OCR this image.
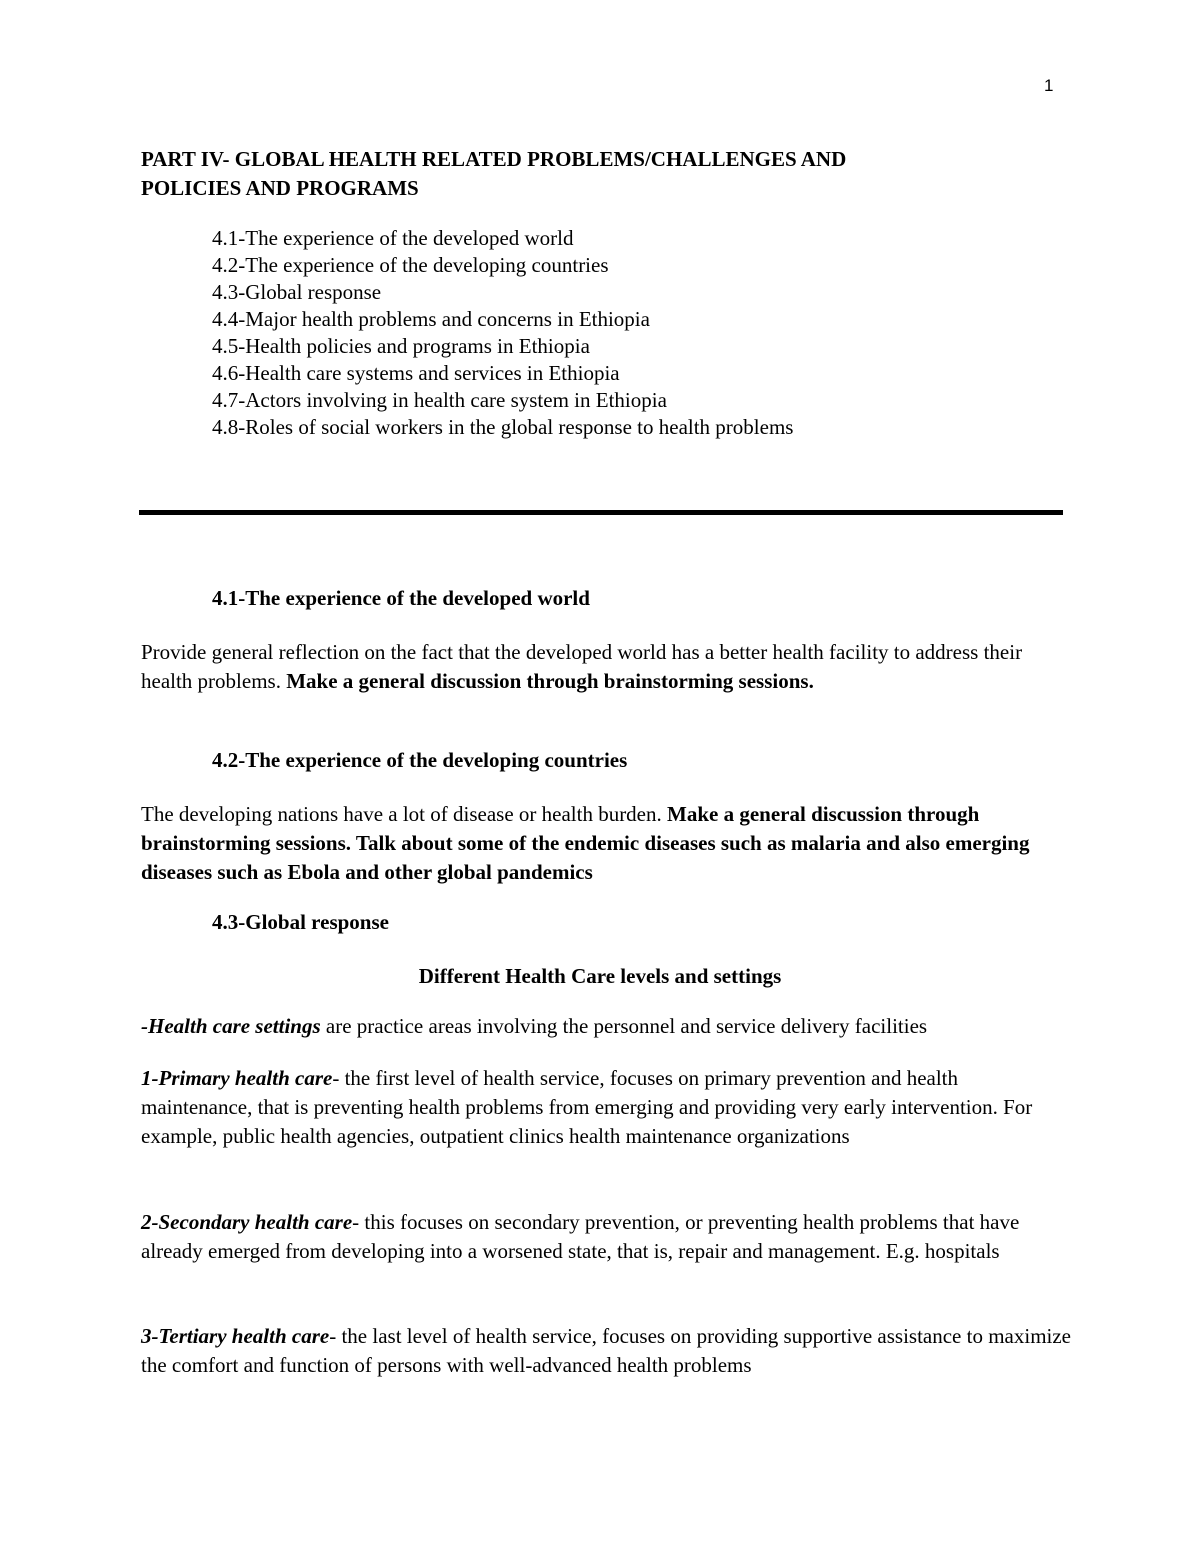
1
PART IV- GLOBAL HEALTH RELATED PROBLEMS/CHALLENGES AND
POLICIES AND PROGRAMS
4.1-The experience of the developed world
4.2-The experience of the developing countries
4.3-Global response
4.4-Major health problems and concerns in Ethiopia
4.5-Health policies and programs in Ethiopia
4.6-Health care systems and services in Ethiopia
4.7-Actors involving in health care system in Ethiopia
4.8-Roles of social workers in the global response to health problems
4.1-The experience of the developed world
Provide general reflection on the fact that the developed world has a better health facility to address their health problems. Make a general discussion through brainstorming sessions.
4.2-The experience of the developing countries
The developing nations have a lot of disease or health burden. Make a general discussion through brainstorming sessions. Talk about some of the endemic diseases such as malaria and also emerging diseases such as Ebola and other global pandemics
4.3-Global response
Different Health Care levels and settings
-Health care settings are practice areas involving the personnel and service delivery facilities
1-Primary health care- the first level of health service, focuses on primary prevention and health maintenance, that is preventing health problems from emerging and providing very early intervention. For example, public health agencies, outpatient clinics health maintenance organizations
2-Secondary health care- this focuses on secondary prevention, or preventing health problems that have already emerged from developing into a worsened state, that is, repair and management. E.g. hospitals
3-Tertiary health care- the last level of health service, focuses on providing supportive assistance to maximize the comfort and function of persons with well-advanced health problems
